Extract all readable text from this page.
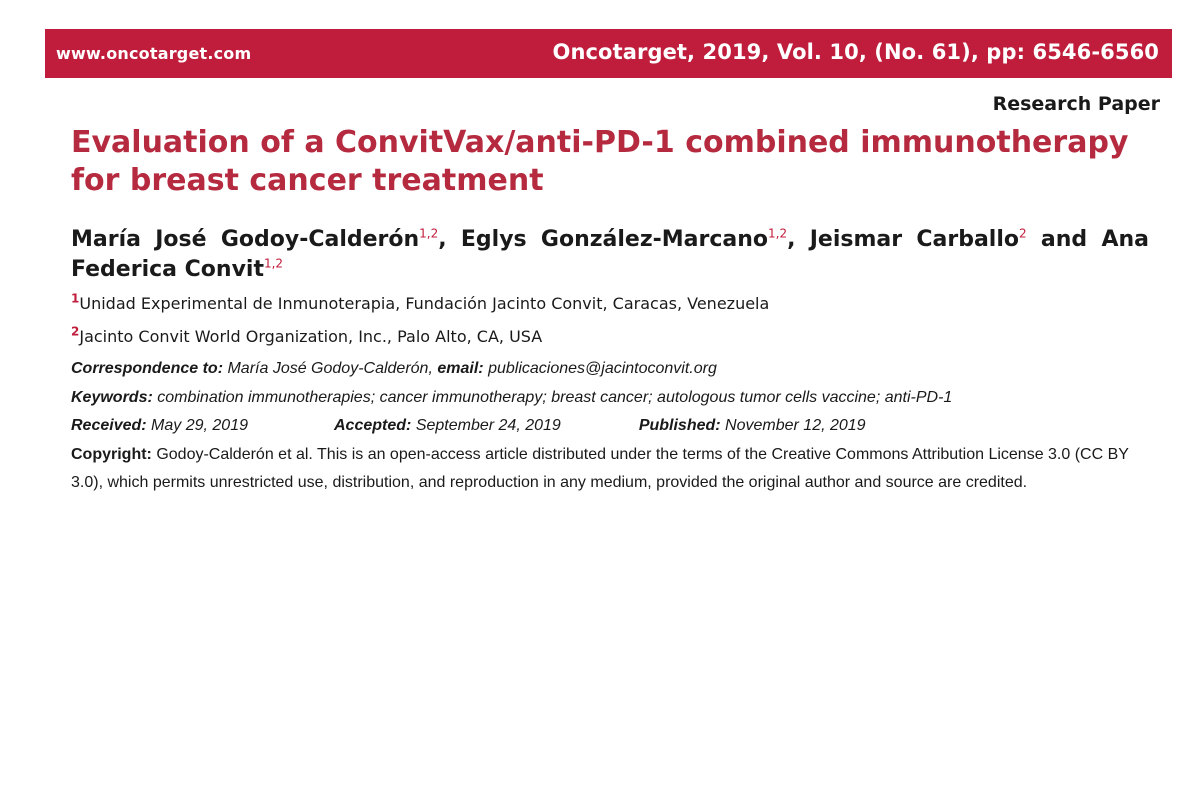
www.oncotarget.com	Oncotarget, 2019, Vol. 10, (No. 61), pp: 6546-6560
Research Paper
Evaluation of a ConvitVax/anti-PD-1 combined immunotherapy for breast cancer treatment

María José Godoy-Calderón$^{1,2}$, Eglys González-Marcano$^{1,2}$, Jeismar Carballo$^2$ and Ana Federica Convit$^{1,2}$

$^1$Unidad Experimental de Inmunoterapia, Fundación Jacinto Convit, Caracas, Venezuela
$^2$Jacinto Convit World Organization, Inc., Palo Alto, CA, USA
Correspondence to: María José Godoy-Calderón, email: publicaciones@jacintoconvit.org
Keywords: combination immunotherapies; cancer immunotherapy; breast cancer; autologous tumor cells vaccine; anti-PD-1
Received: May 29, 2019	Accepted: September 24, 2019	Published: November 12, 2019

Copyright: Godoy-Calderón et al. This is an open-access article distributed under the terms of the Creative Commons Attribution License 3.0 (CC BY 3.0), which permits unrestricted use, distribution, and reproduction in any medium, provided the original author and source are credited.
